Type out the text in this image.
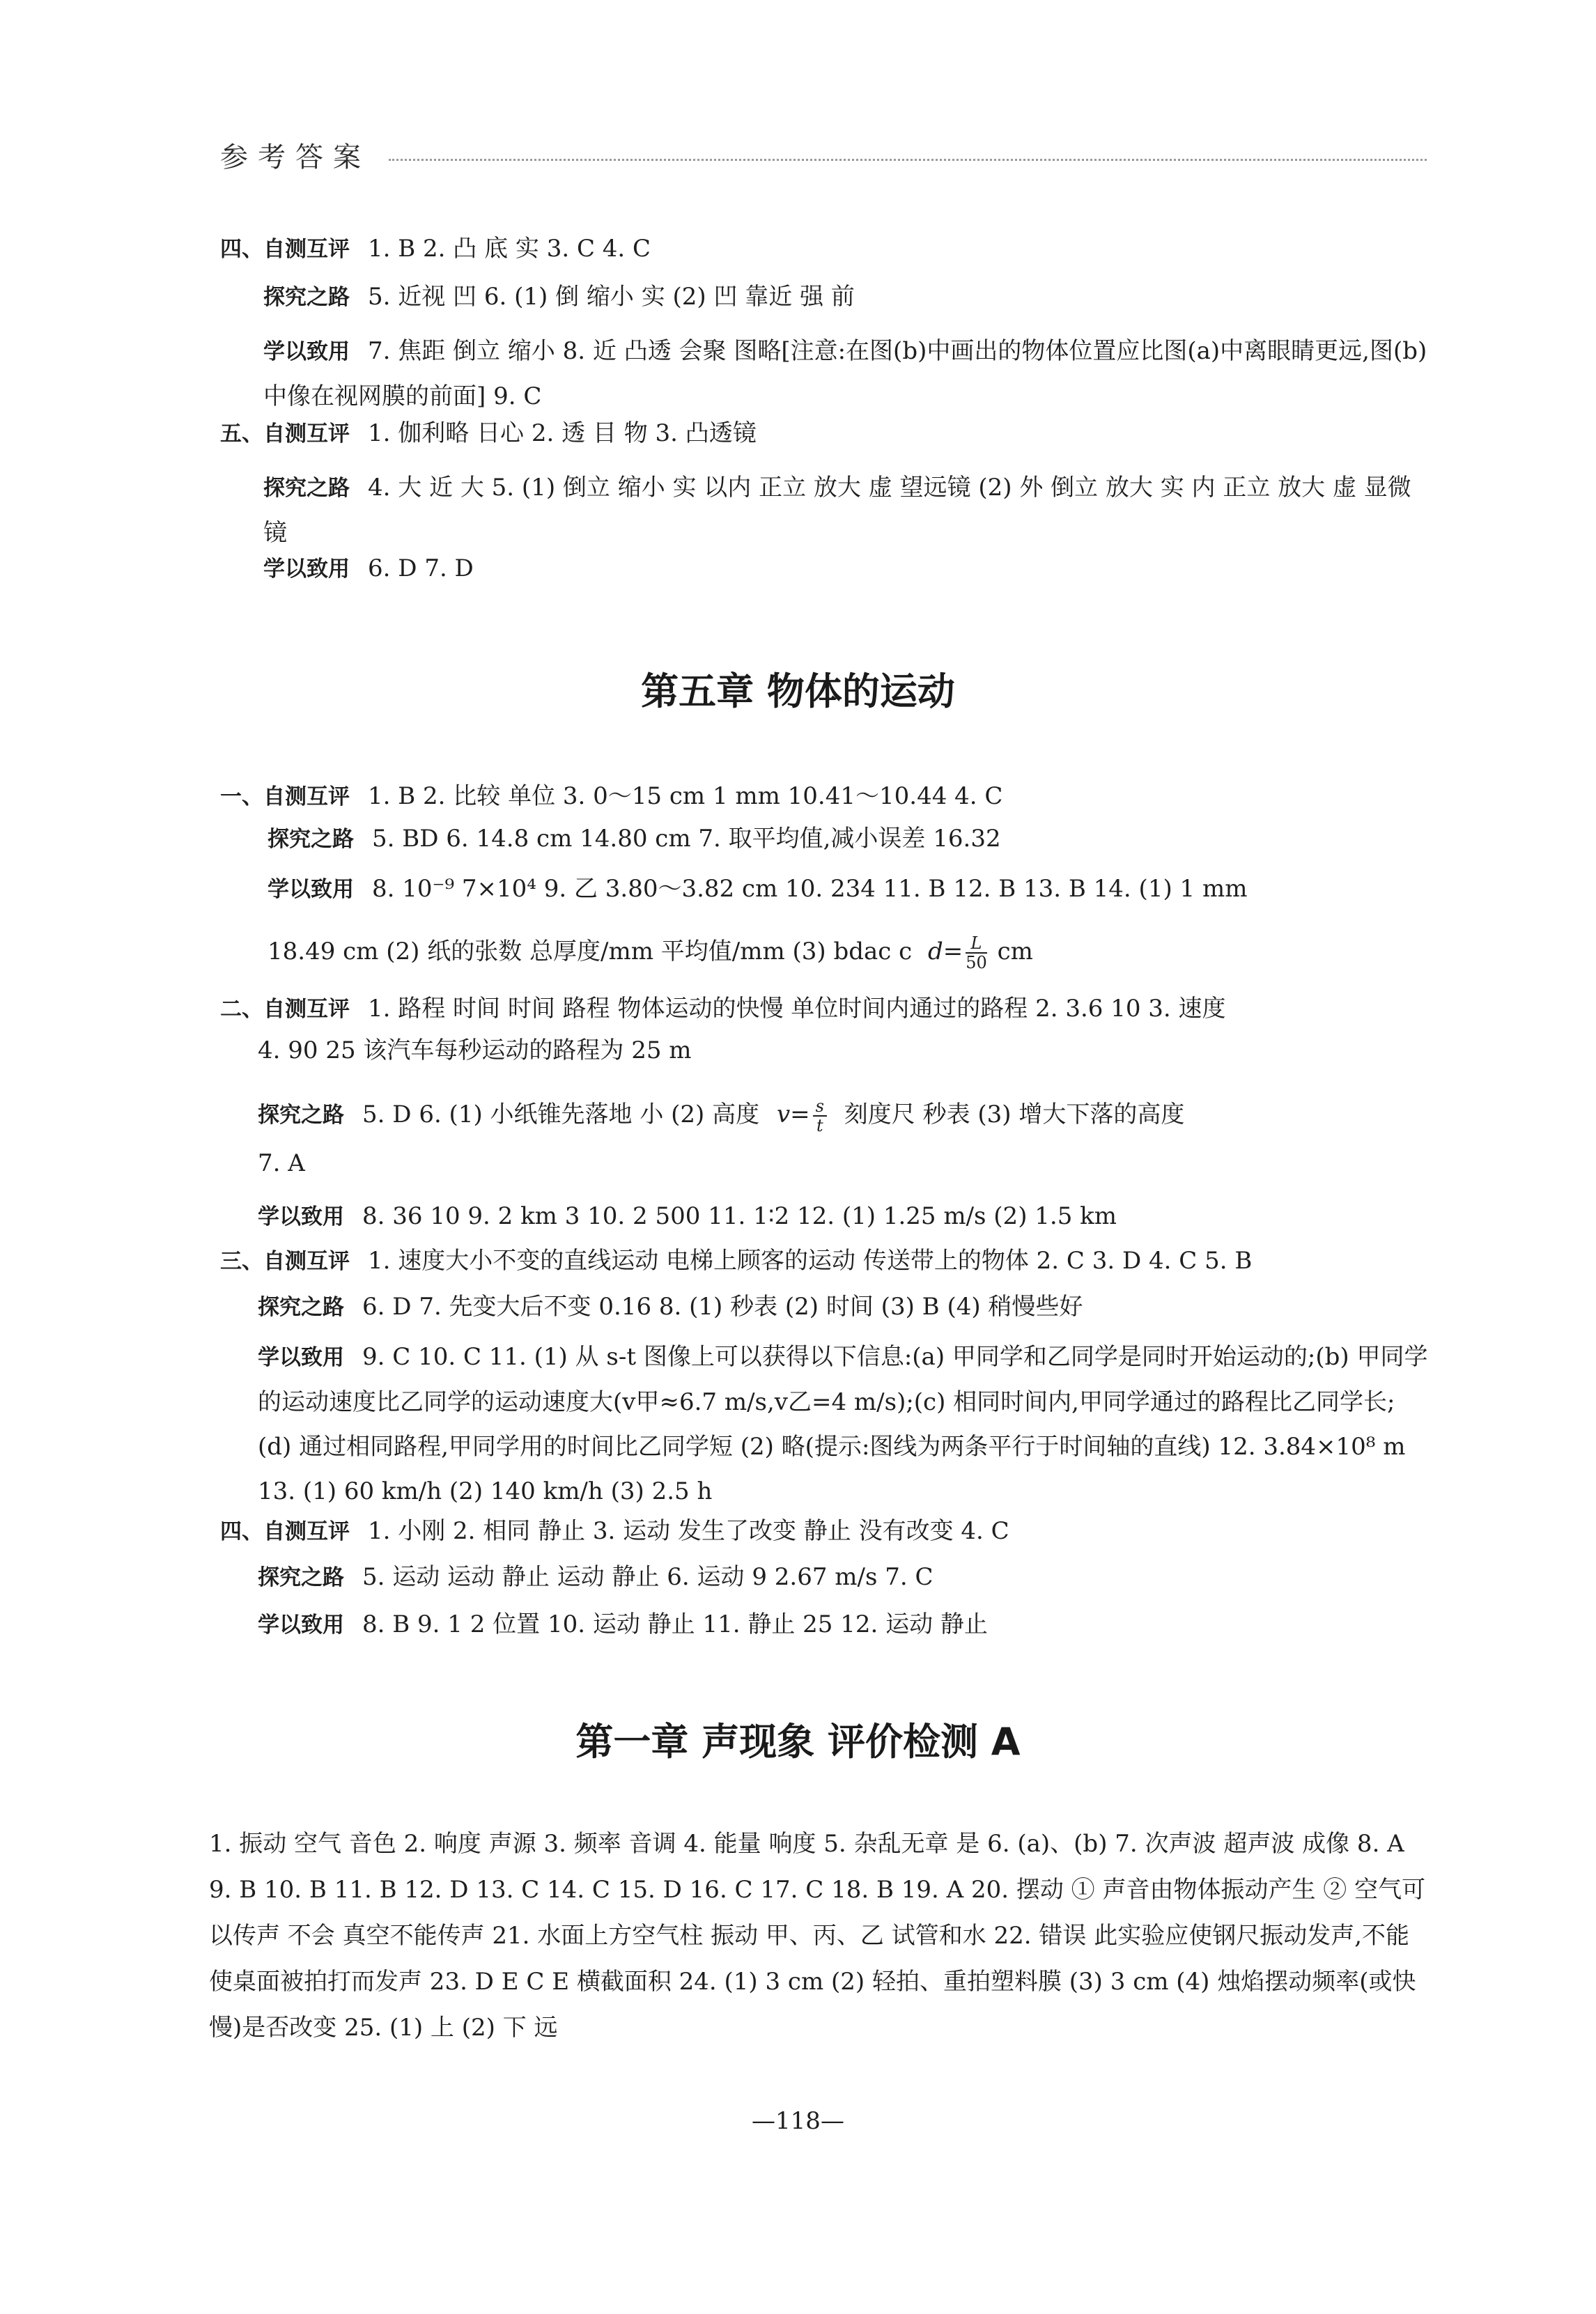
参考答案
四、自测互评 1. B 2. 凸 底 实 3. C 4. C
探究之路 5. 近视 凹 6. (1) 倒 缩小 实 (2) 凹 靠近 强 前
学以致用 7. 焦距 倒立 缩小 8. 近 凸透 会聚 图略[注意:在图(b)中画出的物体位置应比图(a)中离眼睛更远,图(b)中像在视网膜的前面] 9. C
五、自测互评 1. 伽利略 日心 2. 透 目 物 3. 凸透镜
探究之路 4. 大 近 大 5. (1) 倒立 缩小 实 以内 正立 放大 虚 望远镜 (2) 外 倒立 放大 实 内 正立 放大 虚 显微镜
学以致用 6. D 7. D
第五章 物体的运动
一、自测互评 1. B 2. 比较 单位 3. 0～15 cm 1 mm 10.41～10.44 4. C
探究之路 5. BD 6. 14.8 cm 14.80 cm 7. 取平均值,减小误差 16.32
学以致用 8. 10⁻⁹ 7×10⁴ 9. 乙 3.80～3.82 cm 10. 234 11. B 12. B 13. B 14. (1) 1 mm
18.49 cm (2) 纸的张数 总厚度/mm 平均值/mm (3) bdac c $d= \frac{L}{50}$ cm
二、自测互评 1. 路程 时间 时间 路程 物体运动的快慢 单位时间内通过的路程 2. 3.6 10 3. 速度
4. 90 25 该汽车每秒运动的路程为 25 m
探究之路 5. D 6. (1) 小纸锥先落地 小 (2) 高度 $v= \frac{s}{t}$ 刻度尺 秒表 (3) 增大下落的高度
7. A
学以致用 8. 36 10 9. 2 km 3 10. 2 500 11. 1∶2 12. (1) 1.25 m/s (2) 1.5 km
三、自测互评 1. 速度大小不变的直线运动 电梯上顾客的运动 传送带上的物体 2. C 3. D 4. C 5. B
探究之路 6. D 7. 先变大后不变 0.16 8. (1) 秒表 (2) 时间 (3) B (4) 稍慢些好
学以致用 9. C 10. C 11. (1) 从 s-t 图像上可以获得以下信息:(a) 甲同学和乙同学是同时开始运动的;(b) 甲同学的运动速度比乙同学的运动速度大(v甲≈6.7 m/s,v乙=4 m/s);(c) 相同时间内,甲同学通过的路程比乙同学长;(d) 通过相同路程,甲同学用的时间比乙同学短 (2) 略(提示:图线为两条平行于时间轴的直线) 12. 3.84×10⁸ m 13. (1) 60 km/h (2) 140 km/h (3) 2.5 h
四、自测互评 1. 小刚 2. 相同 静止 3. 运动 发生了改变 静止 没有改变 4. C
探究之路 5. 运动 运动 静止 运动 静止 6. 运动 9 2.67 m/s 7. C
学以致用 8. B 9. 1 2 位置 10. 运动 静止 11. 静止 25 12. 运动 静止
第一章 声现象 评价检测 A
1. 振动 空气 音色 2. 响度 声源 3. 频率 音调 4. 能量 响度 5. 杂乱无章 是 6. (a)、(b) 7. 次声波 超声波 成像 8. A 9. B 10. B 11. B 12. D 13. C 14. C 15. D 16. C 17. C 18. B 19. A 20. 摆动 ① 声音由物体振动产生 ② 空气可以传声 不会 真空不能传声 21. 水面上方空气柱 振动 甲、丙、乙 试管和水 22. 错误 此实验应使钢尺振动发声,不能使桌面被拍打而发声 23. D E C E 横截面积 24. (1) 3 cm (2) 轻拍、重拍塑料膜 (3) 3 cm (4) 烛焰摆动频率(或快慢)是否改变 25. (1) 上 (2) 下 远
—118—
